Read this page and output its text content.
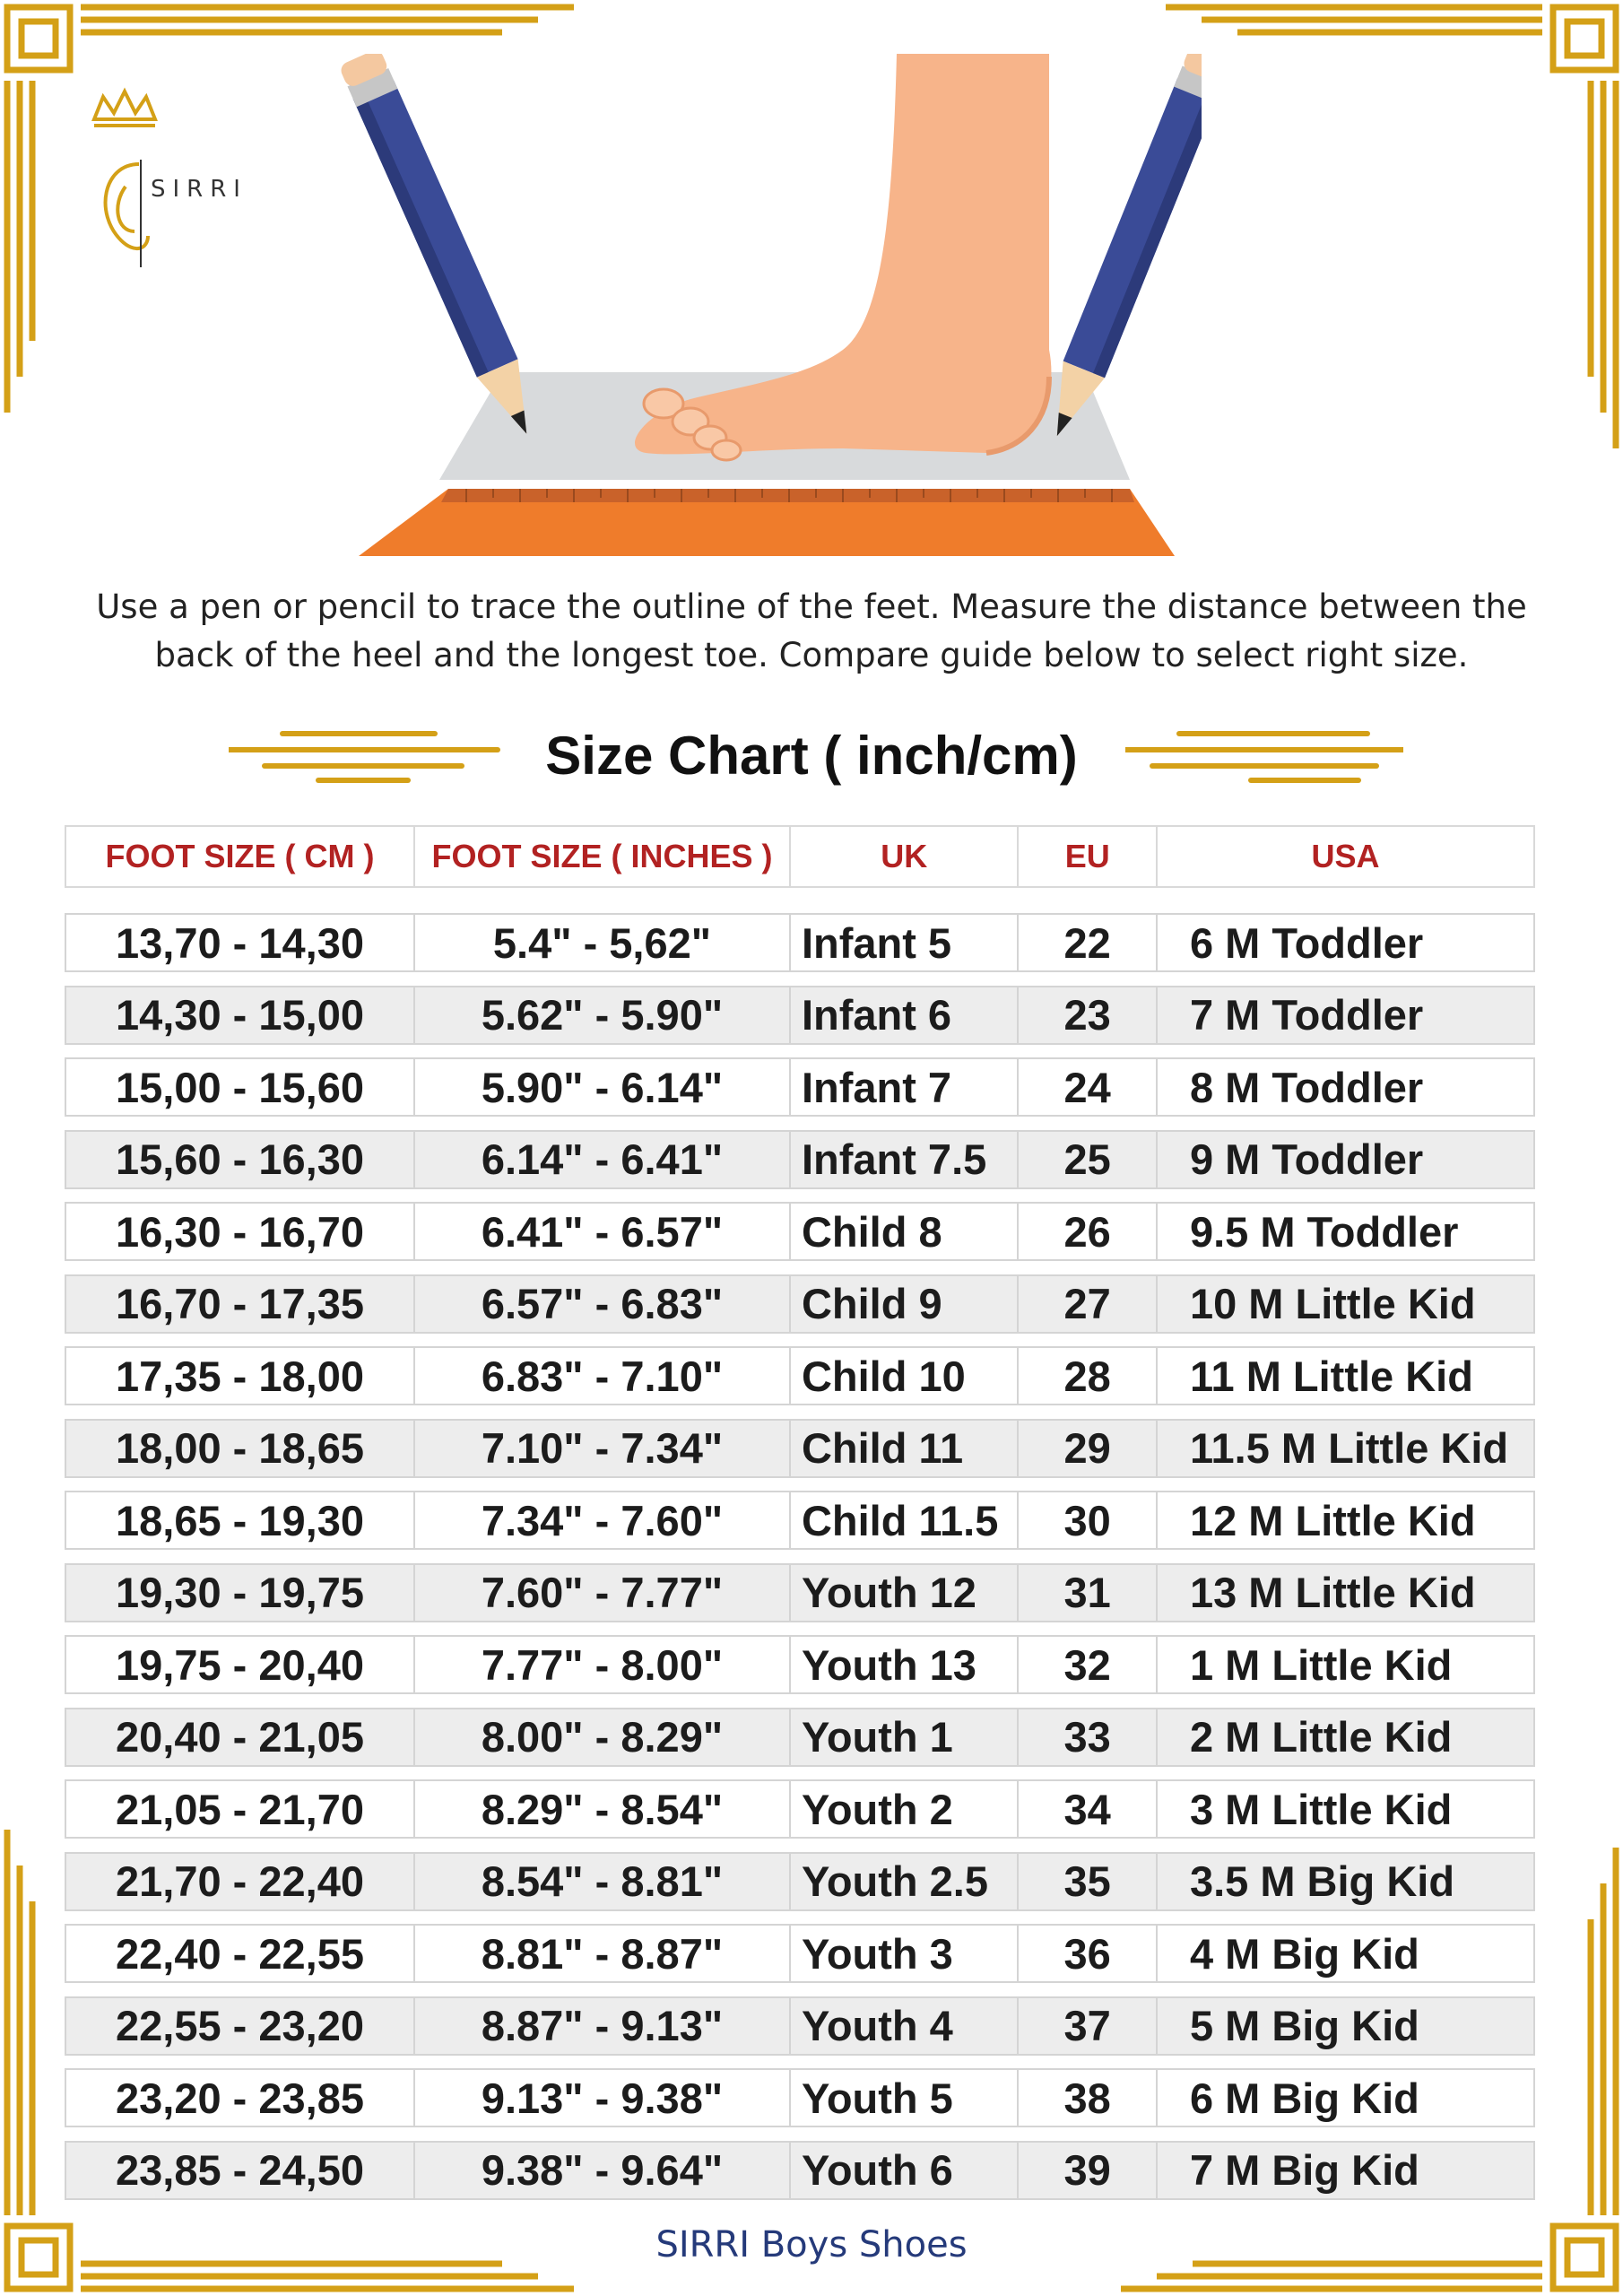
SIRRI
Use a pen or pencil to trace the outline of the feet. Measure the distance between the back of the heel and the longest toe. Compare guide below to select right size.
Size Chart ( inch/cm)
FOOT SIZE ( CM )	FOOT SIZE ( INCHES )	UK	EU	USA
13,70 - 14,30	5.4" - 5,62"	Infant 5	22	6 M Toddler
14,30 - 15,00	5.62" - 5.90"	Infant 6	23	7 M Toddler
15,00 - 15,60	5.90" - 6.14"	Infant 7	24	8 M Toddler
15,60 - 16,30	6.14" - 6.41"	Infant 7.5	25	9 M Toddler
16,30 - 16,70	6.41" - 6.57"	Child 8	26	9.5 M Toddler
16,70 - 17,35	6.57" - 6.83"	Child 9	27	10 M Little Kid
17,35 - 18,00	6.83" - 7.10"	Child 10	28	11 M Little Kid
18,00 - 18,65	7.10" - 7.34"	Child 11	29	11.5 M Little Kid
18,65 - 19,30	7.34" - 7.60"	Child 11.5	30	12 M Little Kid
19,30 - 19,75	7.60" - 7.77"	Youth 12	31	13 M Little Kid
19,75 - 20,40	7.77" - 8.00"	Youth 13	32	1 M Little Kid
20,40 - 21,05	8.00" - 8.29"	Youth 1	33	2 M Little Kid
21,05 - 21,70	8.29" - 8.54"	Youth 2	34	3 M Little Kid
21,70 - 22,40	8.54" - 8.81"	Youth 2.5	35	3.5 M Big Kid
22,40 - 22,55	8.81" - 8.87"	Youth 3	36	4 M Big Kid
22,55 - 23,20	8.87" - 9.13"	Youth 4	37	5 M Big Kid
23,20 - 23,85	9.13" - 9.38"	Youth 5	38	6 M Big Kid
23,85 - 24,50	9.38" - 9.64"	Youth 6	39	7 M Big Kid
SIRRI Boys Shoes
